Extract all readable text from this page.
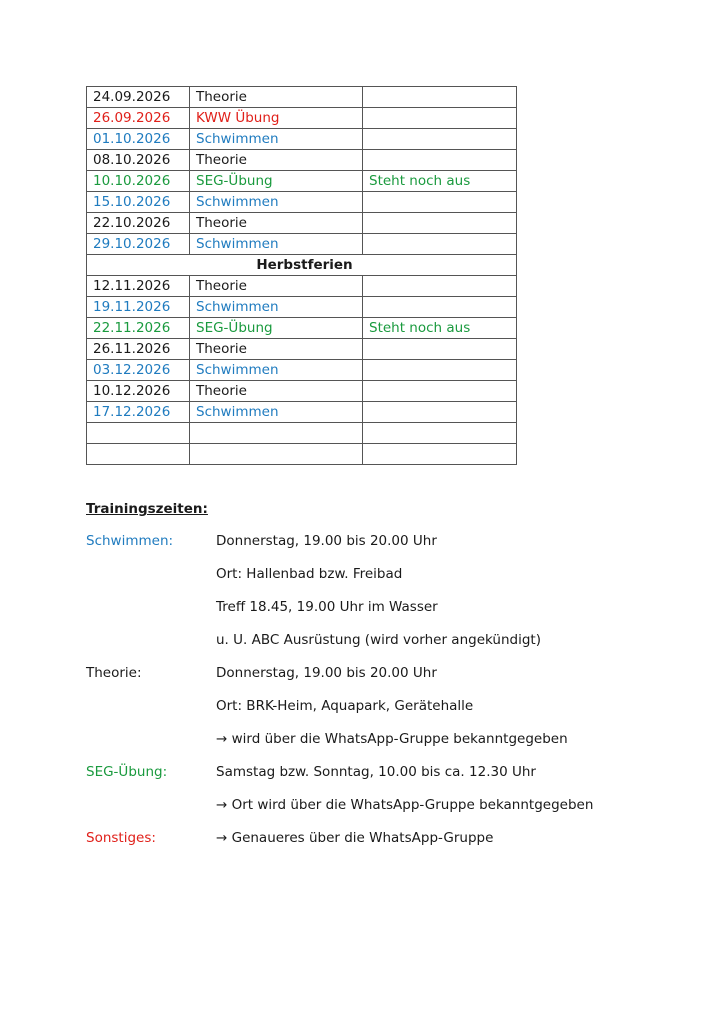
24.09.2026	Theorie	
26.09.2026	KWW Übung	
01.10.2026	Schwimmen	
08.10.2026	Theorie	
10.10.2026	SEG-Übung	Steht noch aus
15.10.2026	Schwimmen	
22.10.2026	Theorie	
29.10.2026	Schwimmen	
Herbstferien		
12.11.2026	Theorie	
19.11.2026	Schwimmen	
22.11.2026	SEG-Übung	Steht noch aus
26.11.2026	Theorie	
03.12.2026	Schwimmen	
10.12.2026	Theorie	
17.12.2026	Schwimmen	

Trainingszeiten:
Schwimmen:	Donnerstag, 19.00 bis 20.00 Uhr
Ort: Hallenbad bzw. Freibad
Treff 18.45, 19.00 Uhr im Wasser
u. U. ABC Ausrüstung (wird vorher angekündigt)
Theorie:	Donnerstag, 19.00 bis 20.00 Uhr
Ort: BRK-Heim, Aquapark, Gerätehalle
→ wird über die WhatsApp-Gruppe bekanntgegeben
SEG-Übung:	Samstag bzw. Sonntag, 10.00 bis ca. 12.30 Uhr
→ Ort wird über die WhatsApp-Gruppe bekanntgegeben
Sonstiges:	→ Genaueres über die WhatsApp-Gruppe
